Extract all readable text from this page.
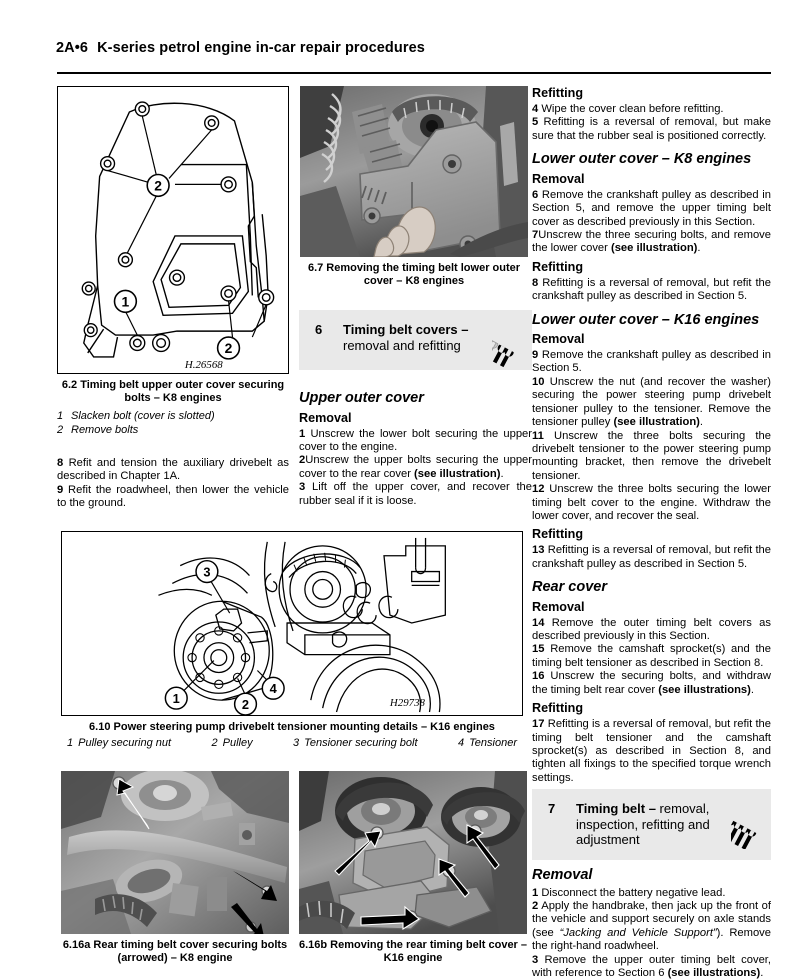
2A•6 K-series petrol engine in-car repair procedures
2
1
2
H.26568
6.2 Timing belt upper outer cover securing bolts – K8 engines
1 Slacken bolt (cover is slotted)
2 Remove bolts

8 Refit and tension the auxiliary drivebelt as described in Chapter 1A.

9 Refit the roadwheel, then lower the vehicle to the ground.

3
1	2
4
H29738
6.10 Power steering pump drivebelt tensioner mounting details – K16 engines
1 Pulley securing nut	2 Pulley	3 Tensioner securing bolt	4 Tensioner
6.16a Rear timing belt cover securing bolts (arrowed) – K8 engine
6.7 Removing the timing belt lower outer cover – K8 engines
6 Timing belt covers –
removal and refitting
Upper outer cover
Removal

1 Unscrew the lower bolt securing the upper cover to the engine.

2Unscrew the upper bolts securing the upper cover to the rear cover (see illustration).

3 Lift off the upper cover, and recover the rubber seal if it is loose.

6.16b Removing the rear timing belt cover – K16 engine
Refitting

4 Wipe the cover clean before refitting.

5 Refitting is a reversal of removal, but make sure that the rubber seal is positioned correctly.

Lower outer cover – K8 engines
Removal

6 Remove the crankshaft pulley as described in Section 5, and remove the upper timing belt cover as described previously in this Section.

7Unscrew the three securing bolts, and remove the lower cover (see illustration).

Refitting

8 Refitting is a reversal of removal, but refit the crankshaft pulley as described in Section 5.

Lower outer cover – K16 engines
Removal

9 Remove the crankshaft pulley as described in Section 5.

10 Unscrew the nut (and recover the washer) securing the power steering pump drivebelt tensioner pulley to the tensioner. Remove the tensioner pulley (see illustration).

11 Unscrew the three bolts securing the drivebelt tensioner to the power steering pump mounting bracket, then remove the drivebelt tensioner.

12 Unscrew the three bolts securing the lower timing belt cover to the engine. Withdraw the lower cover, and recover the seal.

Refitting

13 Refitting is a reversal of removal, but refit the crankshaft pulley as described in Section 5.

Rear cover
Removal

14 Remove the outer timing belt covers as described previously in this Section.

15 Remove the camshaft sprocket(s) and the timing belt tensioner as described in Section 8.

16 Unscrew the securing bolts, and withdraw the timing belt rear cover (see illustrations).

Refitting

17 Refitting is a reversal of removal, but refit the timing belt tensioner and the camshaft sprocket(s) as described in Section 8, and tighten all fixings to the specified torque wrench settings.

7 Timing belt – removal, inspection, refitting and adjustment
Removal

1 Disconnect the battery negative lead.

2 Apply the handbrake, then jack up the front of the vehicle and support securely on axle stands (see “Jacking and Vehicle Support”). Remove the right-hand roadwheel.

3 Remove the upper outer timing belt cover, with reference to Section 6 (see illustrations).
